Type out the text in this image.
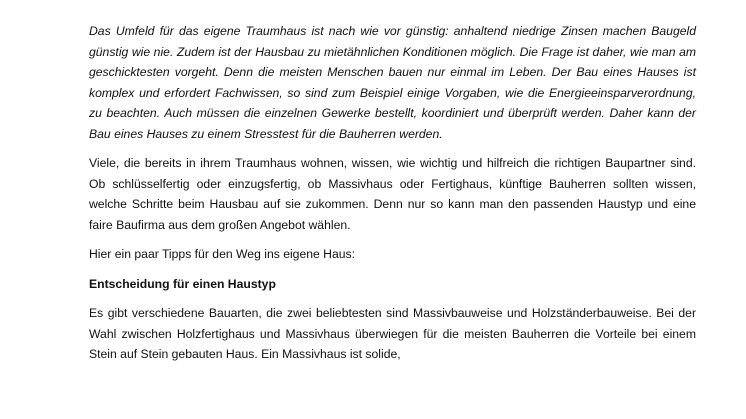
Das Umfeld für das eigene Traumhaus ist nach wie vor günstig: anhaltend niedrige Zinsen machen Baugeld günstig wie nie. Zudem ist der Hausbau zu mietähnlichen Konditionen möglich. Die Frage ist daher, wie man am geschicktesten vorgeht. Denn die meisten Menschen bauen nur einmal im Leben. Der Bau eines Hauses ist komplex und erfordert Fachwissen, so sind zum Beispiel einige Vorgaben, wie die Energieeinsparverordnung, zu beachten. Auch müssen die einzelnen Gewerke bestellt, koordiniert und überprüft werden. Daher kann der Bau eines Hauses zu einem Stresstest für die Bauherren werden.

Viele, die bereits in ihrem Traumhaus wohnen, wissen, wie wichtig und hilfreich die richtigen Baupartner sind. Ob schlüsselfertig oder einzugsfertig, ob Massivhaus oder Fertighaus, künftige Bauherren sollten wissen, welche Schritte beim Hausbau auf sie zukommen. Denn nur so kann man den passenden Haustyp und eine faire Baufirma aus dem großen Angebot wählen.

Hier ein paar Tipps für den Weg ins eigene Haus:

Entscheidung für einen Haustyp

Es gibt verschiedene Bauarten, die zwei beliebtesten sind Massivbauweise und Holzständerbauweise. Bei der Wahl zwischen Holzfertighaus und Massivhaus überwiegen für die meisten Bauherren die Vorteile bei einem Stein auf Stein gebauten Haus. Ein Massivhaus ist solide,
